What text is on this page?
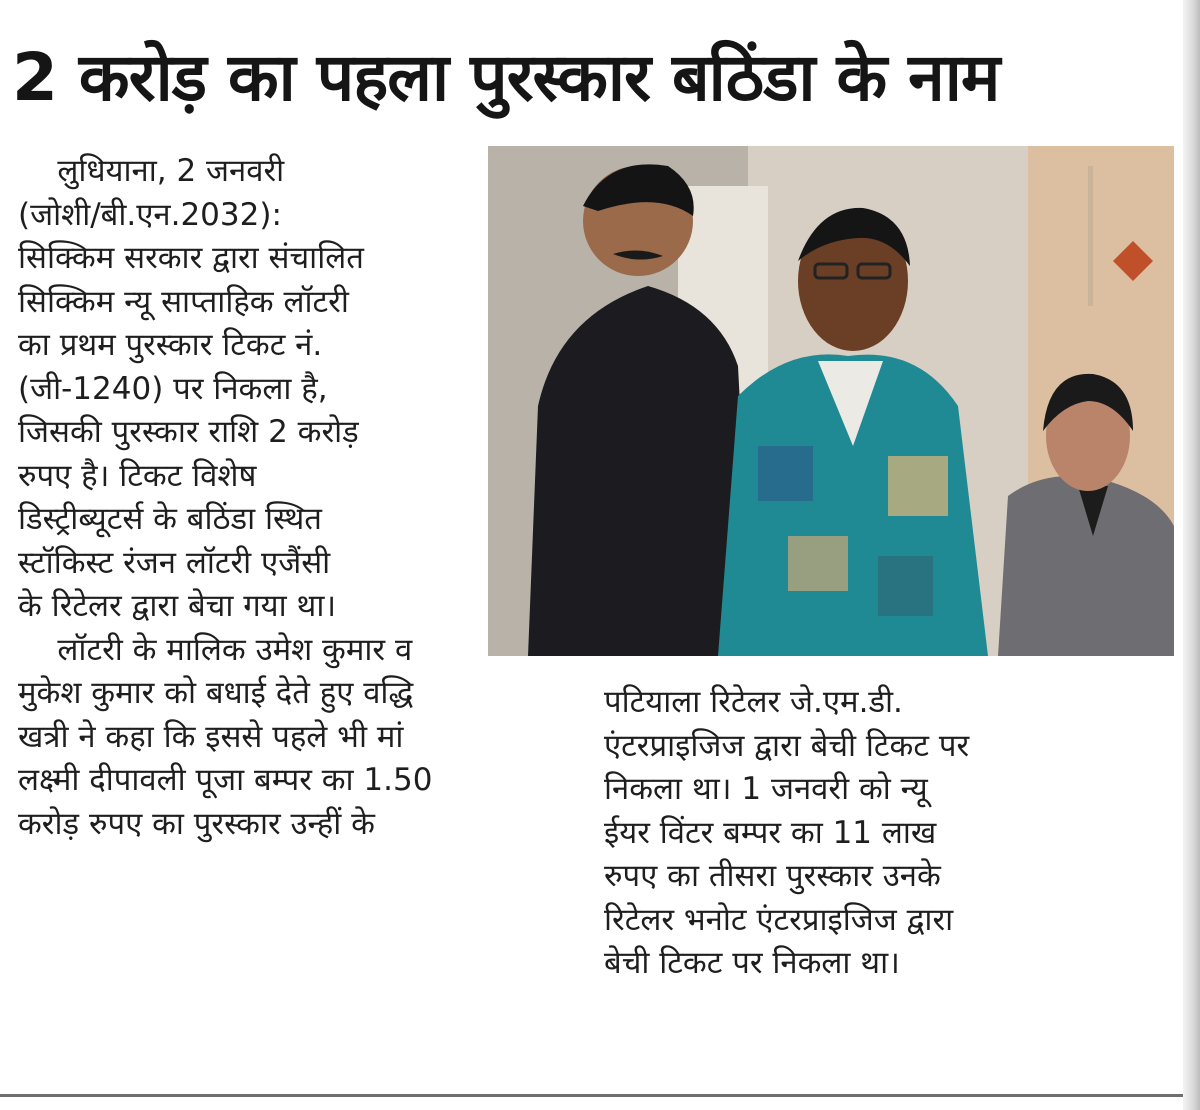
2 करोड़ का पहला पुरस्कार बठिंडा के नाम
लुधियाना, 2 जनवरी
(जोशी/बी.एन.2032):
सिक्किम सरकार द्वारा संचालित
सिक्किम न्यू साप्ताहिक लॉटरी
का प्रथम पुरस्कार टिकट नं.
(जी-1240) पर निकला है,
जिसकी पुरस्कार राशि 2 करोड़
रुपए है। टिकट विशेष
डिस्ट्रीब्यूटर्स के बठिंडा स्थित
स्टॉकिस्ट रंजन लॉटरी एजैंसी
के रिटेलर द्वारा बेचा गया था।
लॉटरी के मालिक उमेश कुमार व
मुकेश कुमार को बधाई देते हुए वद्धि
खत्री ने कहा कि इससे पहले भी मां
लक्ष्मी दीपावली पूजा बम्पर का 1.50
करोड़ रुपए का पुरस्कार उन्हीं के
पटियाला रिटेलर जे.एम.डी.
एंटरप्राइजिज द्वारा बेची टिकट पर
निकला था। 1 जनवरी को न्यू
ईयर विंटर बम्पर का 11 लाख
रुपए का तीसरा पुरस्कार उनके
रिटेलर भनोट एंटरप्राइजिज द्वारा
बेची टिकट पर निकला था।
